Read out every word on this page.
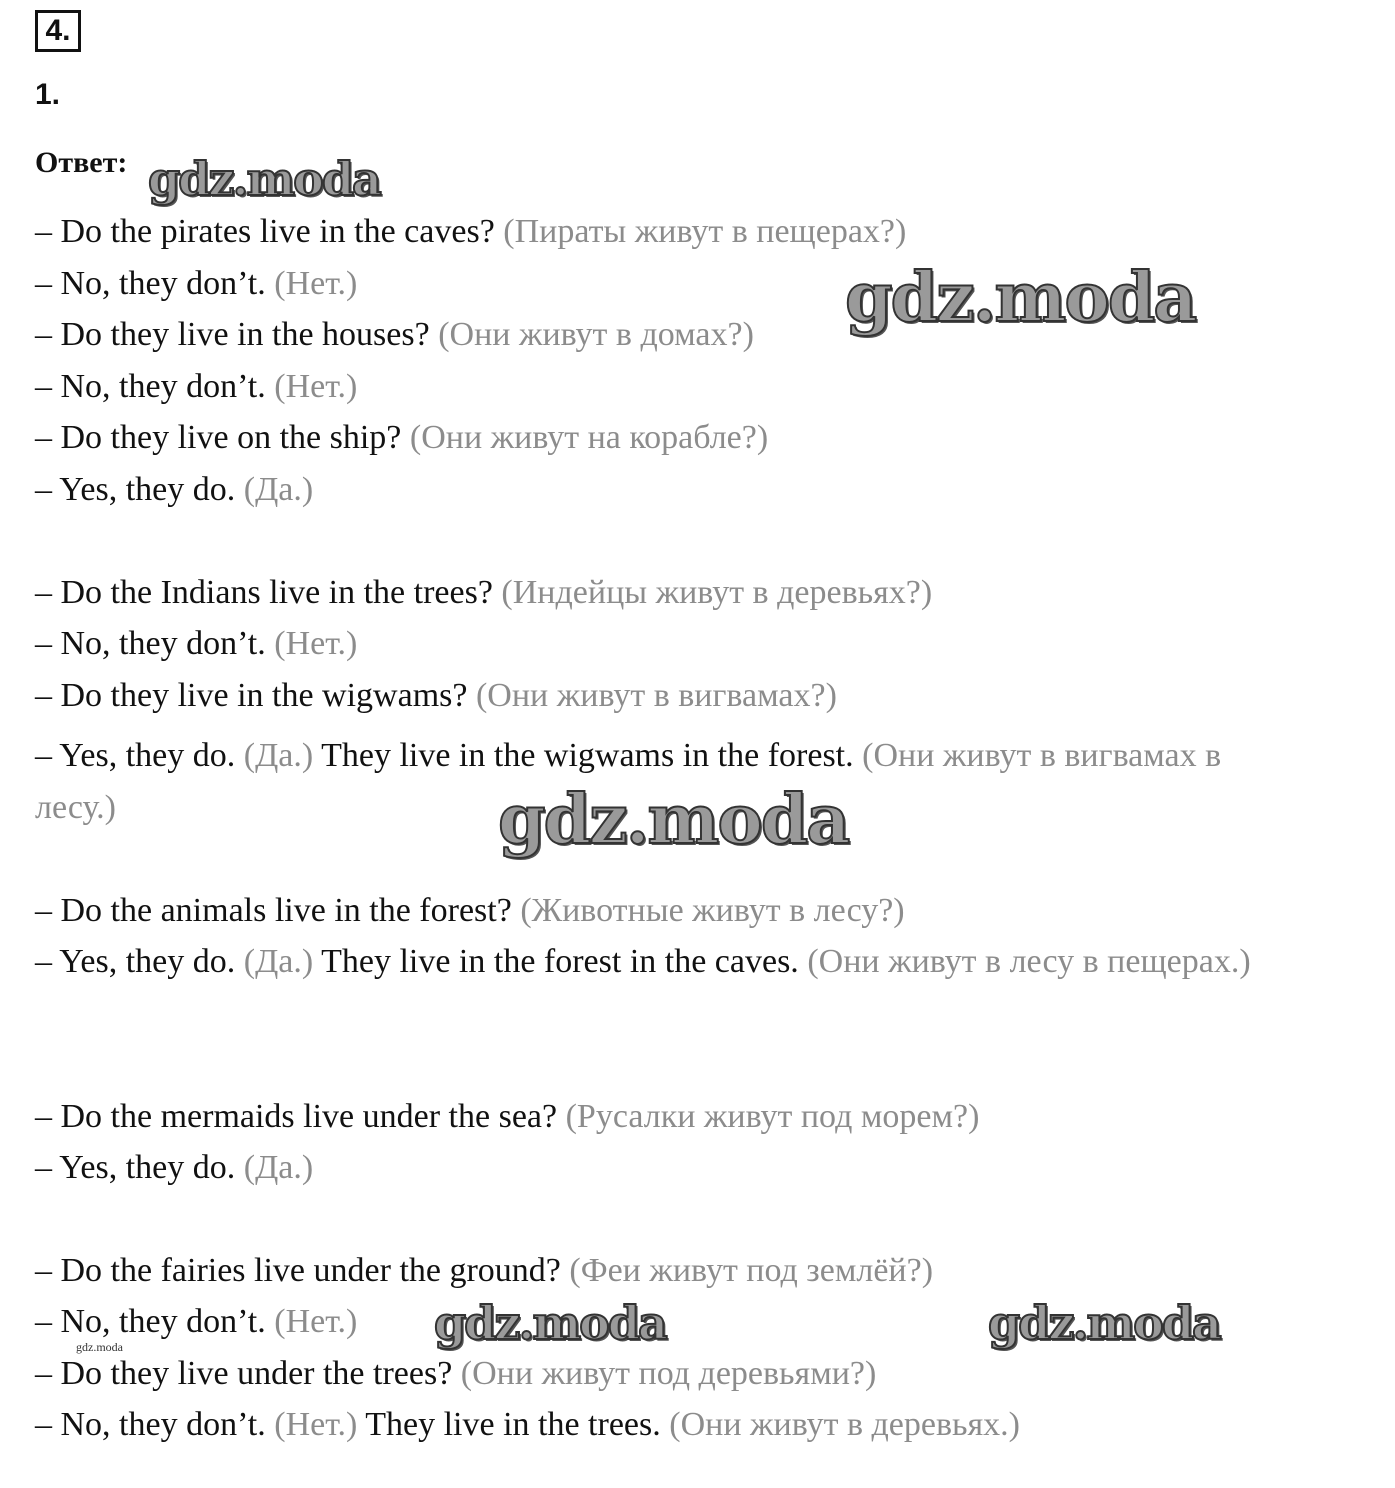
4.
1.
Ответ:
– Do the pirates live in the caves? (Пираты живут в пещерах?)
– No, they don’t. (Нет.)
– Do they live in the houses? (Они живут в домах?)
– No, they don’t. (Нет.)
– Do they live on the ship? (Они живут на корабле?)
– Yes, they do. (Да.)
– Do the Indians live in the trees? (Индейцы живут в деревьях?)
– No, they don’t. (Нет.)
– Do they live in the wigwams? (Они живут в вигвамах?)
– Yes, they do. (Да.) They live in the wigwams in the forest. (Они живут в вигвамах в лесу.)
– Do the animals live in the forest? (Животные живут в лесу?)
– Yes, they do. (Да.) They live in the forest in the caves. (Они живут в лесу в пещерах.)
– Do the mermaids live under the sea? (Русалки живут под морем?)
– Yes, they do. (Да.)
– Do the fairies live under the ground? (Феи живут под землёй?)
– No, they don’t. (Нет.)
– Do they live under the trees? (Они живут под деревьями?)
– No, they don’t. (Нет.) They live in the trees. (Они живут в деревьях.)
gdz.moda
gdz.moda
gdz.moda
gdz.moda	gdz.moda
gdz.moda
